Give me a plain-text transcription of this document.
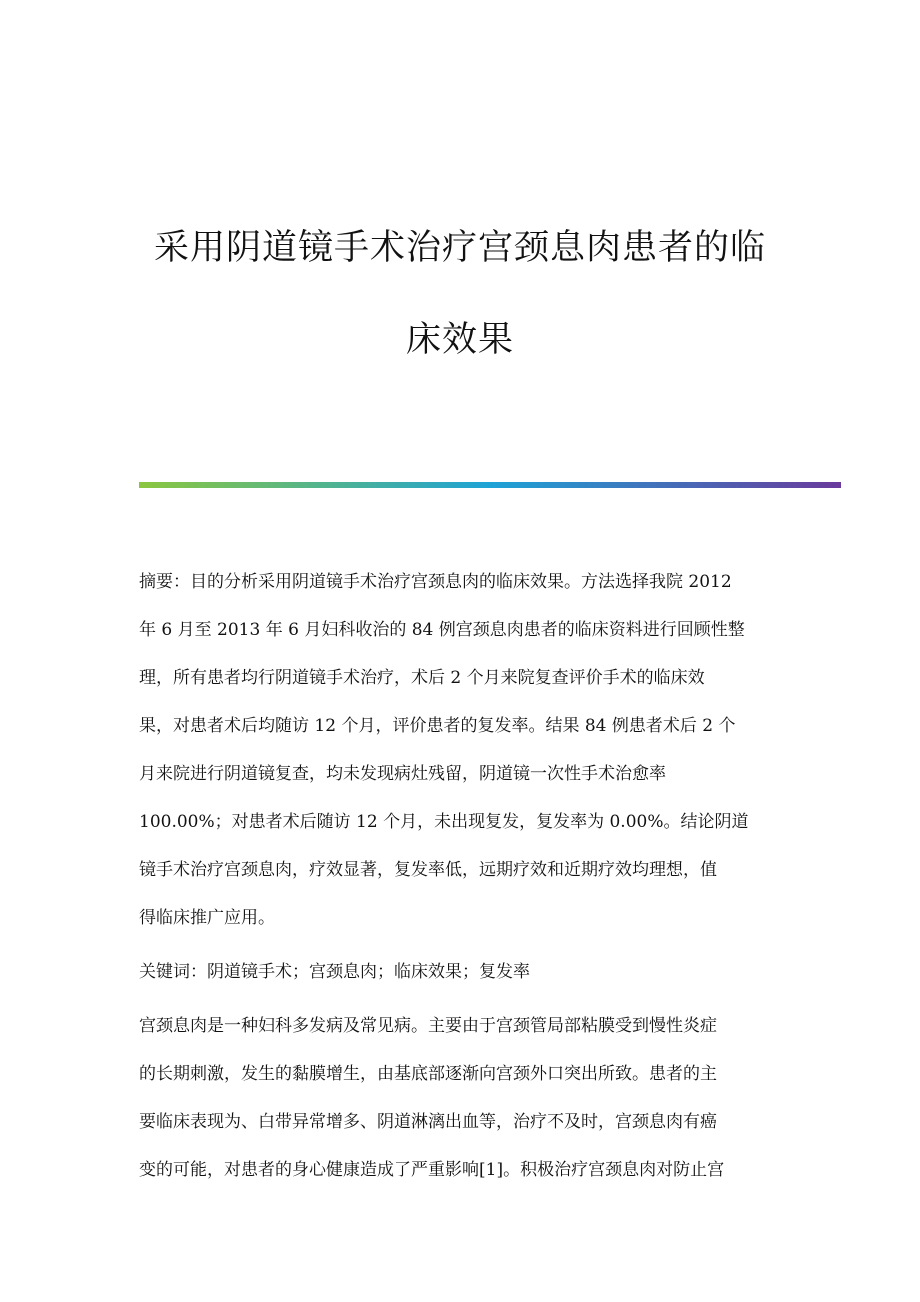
采用阴道镜手术治疗宫颈息肉患者的临
床效果
摘要：目的分析采用阴道镜手术治疗宫颈息肉的临床效果。方法选择我院 2012
年 6 月至 2013 年 6 月妇科收治的 84 例宫颈息肉患者的临床资料进行回顾性整
理，所有患者均行阴道镜手术治疗，术后 2 个月来院复查评价手术的临床效
果，对患者术后均随访 12 个月，评价患者的复发率。结果 84 例患者术后 2 个
月来院进行阴道镜复查，均未发现病灶残留，阴道镜一次性手术治愈率
100.00%；对患者术后随访 12 个月，未出现复发，复发率为 0.00%。结论阴道
镜手术治疗宫颈息肉，疗效显著，复发率低，远期疗效和近期疗效均理想，值
得临床推广应用。
关键词：阴道镜手术；宫颈息肉；临床效果；复发率
宫颈息肉是一种妇科多发病及常见病。主要由于宫颈管局部粘膜受到慢性炎症
的长期刺激，发生的黏膜增生，由基底部逐渐向宫颈外口突出所致。患者的主
要临床表现为、白带异常增多、阴道淋漓出血等，治疗不及时，宫颈息肉有癌
变的可能，对患者的身心健康造成了严重影响[1]。积极治疗宫颈息肉对防止宫
